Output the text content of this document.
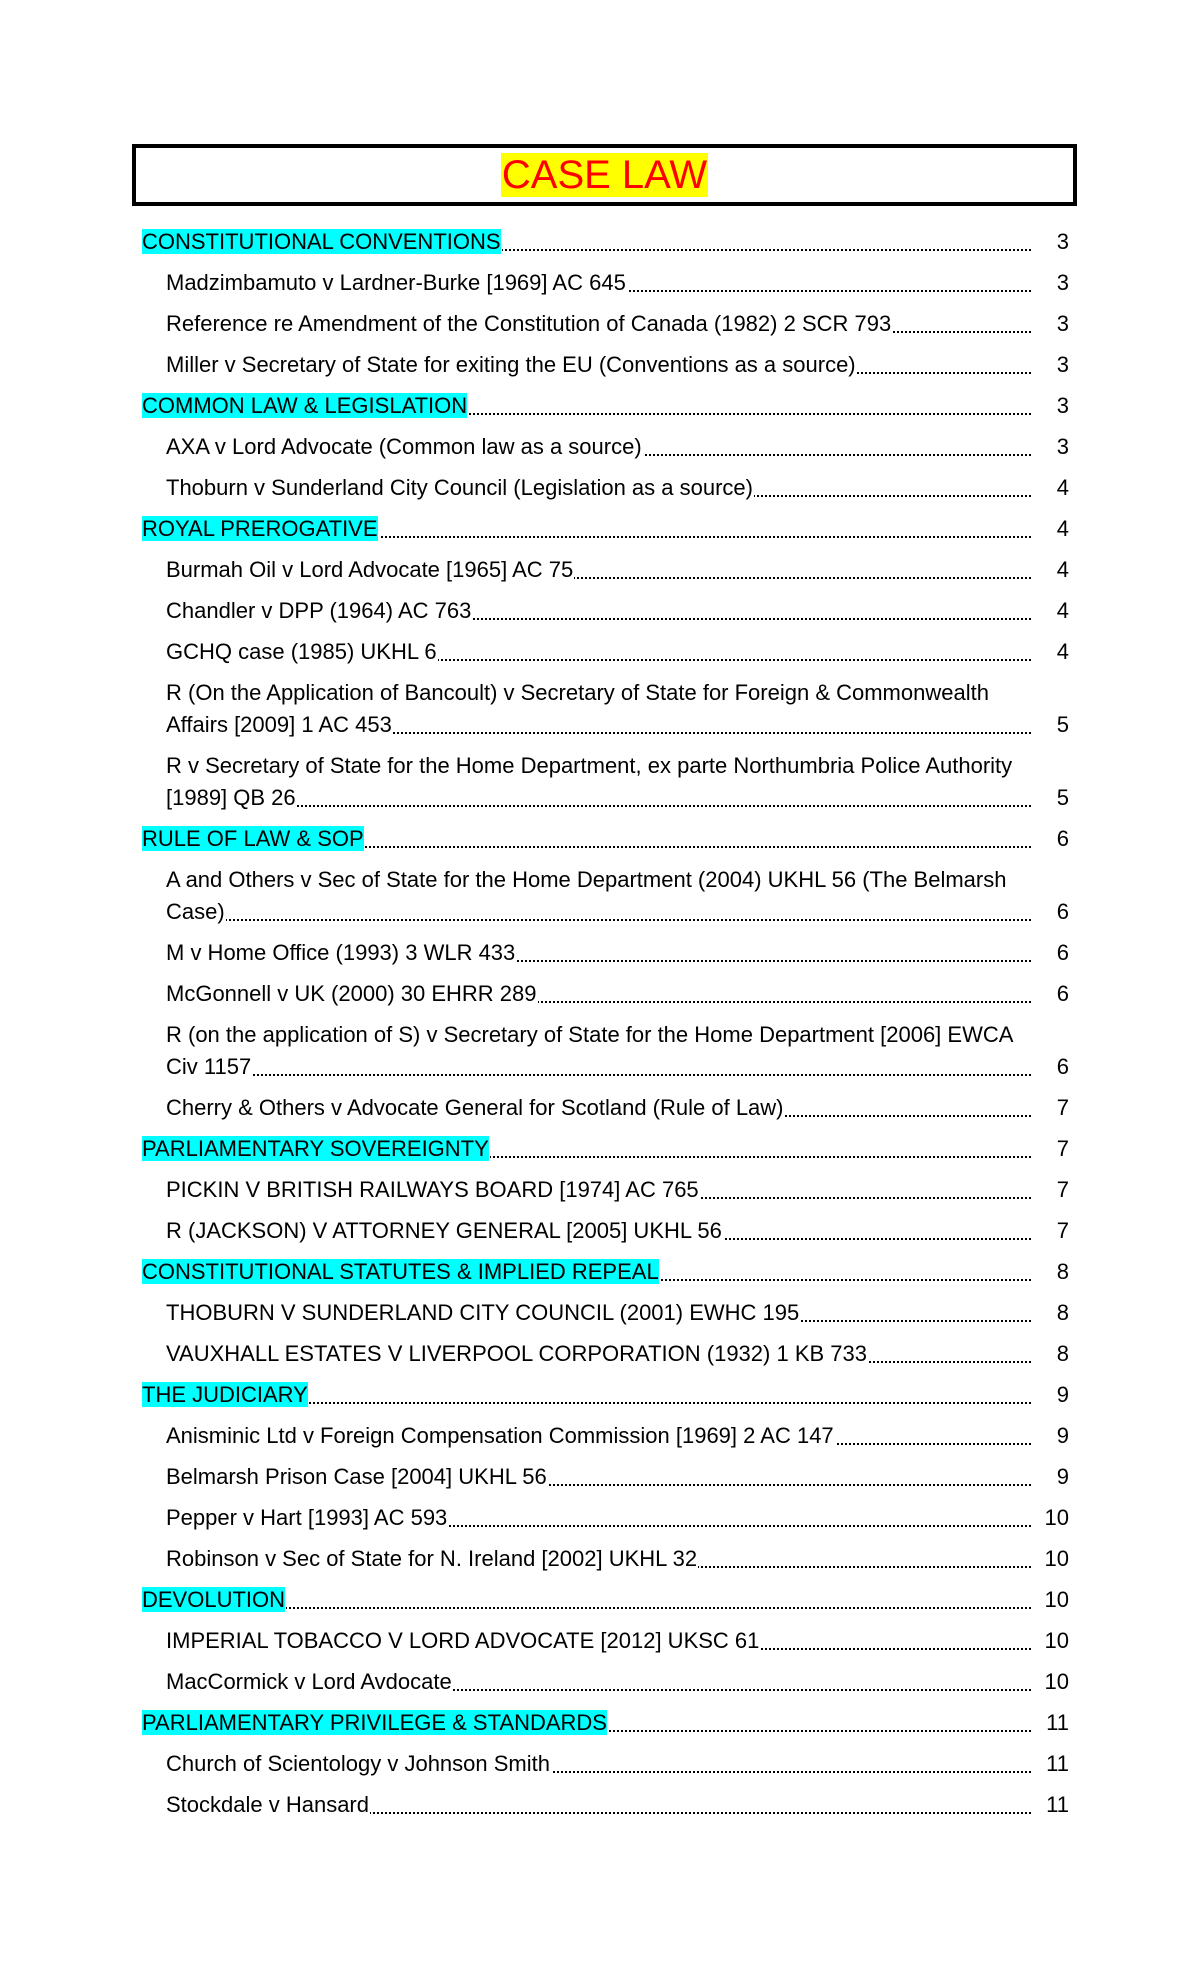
CASE LAW
CONSTITUTIONAL CONVENTIONS	3
Madzimbamuto v Lardner-Burke [1969] AC 645	3
Reference re Amendment of the Constitution of Canada (1982) 2 SCR 793	3
Miller v Secretary of State for exiting the EU (Conventions as a source)	3
COMMON LAW & LEGISLATION	3
AXA v Lord Advocate (Common law as a source)	3
Thoburn v Sunderland City Council (Legislation as a source)	4
ROYAL PREROGATIVE	4
Burmah Oil v Lord Advocate [1965] AC 75	4
Chandler v DPP (1964) AC 763	4
GCHQ case (1985) UKHL 6	4
R (On the Application of Bancoult) v Secretary of State for Foreign & Commonwealth Affairs [2009] 1 AC 453	5
R v Secretary of State for the Home Department, ex parte Northumbria Police Authority [1989] QB 26	5
RULE OF LAW & SOP	6
A and Others v Sec of State for the Home Department (2004) UKHL 56 (The Belmarsh Case)	6
M v Home Office (1993) 3 WLR 433	6
McGonnell v UK (2000) 30 EHRR 289	6
R (on the application of S) v Secretary of State for the Home Department [2006] EWCA Civ 1157	6
Cherry & Others v Advocate General for Scotland (Rule of Law)	7
PARLIAMENTARY SOVEREIGNTY	7
PICKIN V BRITISH RAILWAYS BOARD [1974] AC 765	7
R (JACKSON) V ATTORNEY GENERAL [2005] UKHL 56	7
CONSTITUTIONAL STATUTES & IMPLIED REPEAL	8
THOBURN V SUNDERLAND CITY COUNCIL (2001) EWHC 195	8
VAUXHALL ESTATES V LIVERPOOL CORPORATION (1932) 1 KB 733	8
THE JUDICIARY	9
Anisminic Ltd v Foreign Compensation Commission [1969] 2 AC 147	9
Belmarsh Prison Case [2004] UKHL 56	9
Pepper v Hart [1993] AC 593	10
Robinson v Sec of State for N. Ireland [2002] UKHL 32	10
DEVOLUTION	10
IMPERIAL TOBACCO V LORD ADVOCATE [2012] UKSC 61	10
MacCormick v Lord Avdocate	10
PARLIAMENTARY PRIVILEGE & STANDARDS	11
Church of Scientology v Johnson Smith	11
Stockdale v Hansard	11
